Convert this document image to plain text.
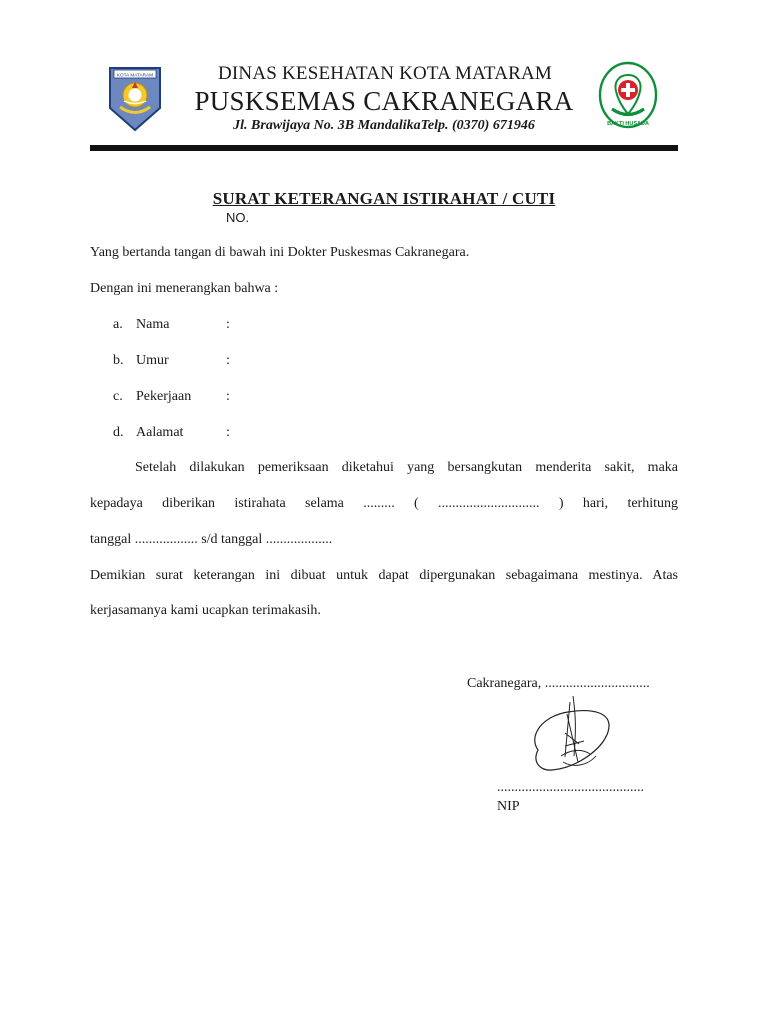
KOTA MATARAM
BAKTI HUSADA
DINAS KESEHATAN KOTA MATARAM
PUSKSEMAS CAKRANEGARA
Jl. Brawijaya No. 3B MandalikaTelp. (0370) 671946
SURAT KETERANGAN ISTIRAHAT / CUTI
NO.
Yang bertanda tangan di bawah ini Dokter Puskesmas Cakranegara.
Dengan ini menerangkan bahwa :
a. Nama	:
b. Umur	:
c. Pekerjaan :
d. Aalamat	:
Setelah dilakukan pemeriksaan diketahui yang bersangkutan menderita sakit, maka
kepadaya diberikan istirahata selama ......... ( ............................. ) hari, terhitung
tanggal .................. s/d tanggal ...................
Demikian surat keterangan ini dibuat untuk dapat dipergunakan sebagaimana mestinya. Atas
kerjasamanya kami ucapkan terimakasih.
Cakranegara, ..............................
..........................................
NIP
